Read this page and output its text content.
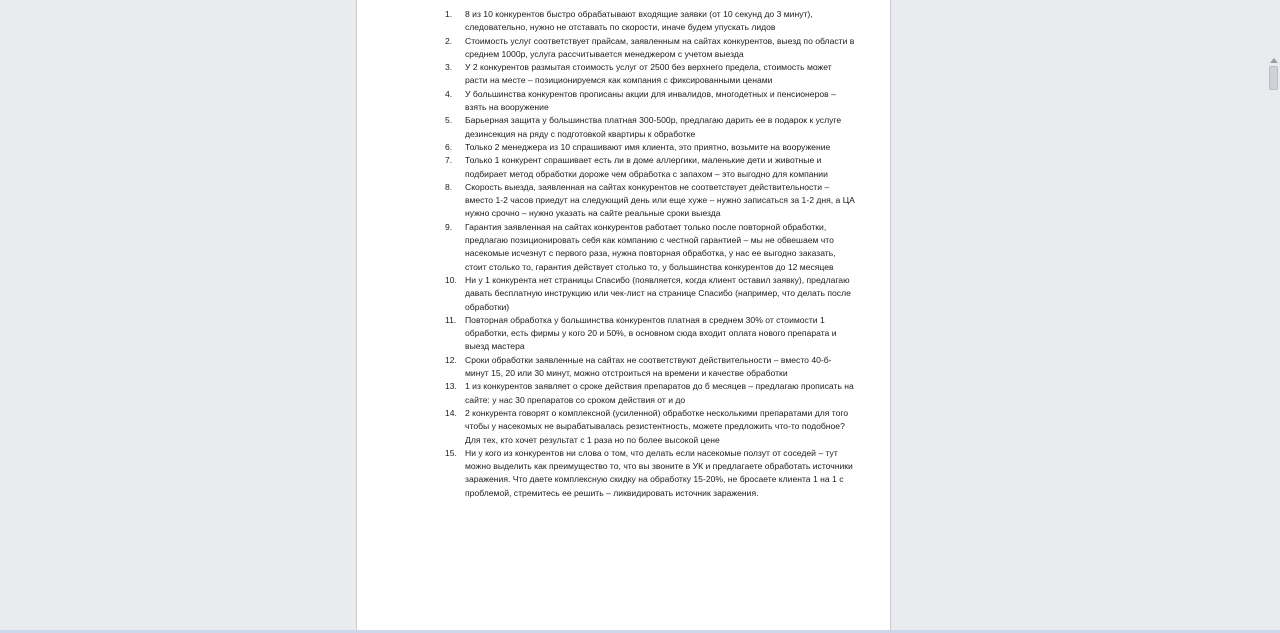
1.	8 из 10 конкурентов быстро обрабатывают входящие заявки (от 10 секунд до 3 минут), следовательно, нужно не отставать по скорости, иначе будем упускать лидов
2.	Стоимость услуг соответствует прайсам, заявленным на сайтах конкурентов, выезд по области в среднем 1000р, услуга рассчитывается менеджером с учетом выезда
3.	У 2 конкурентов размытая стоимость услуг от 2500 без верхнего предела, стоимость может расти на месте – позиционируемся как компания с фиксированными ценами
4.	У большинства конкурентов прописаны акции для инвалидов, многодетных и пенсионеров – взять на вооружение
5.	Барьерная защита у большинства платная 300-500р, предлагаю дарить ее в подарок к услуге дезинсекция на ряду с подготовкой квартиры к обработке
6.	Только 2 менеджера из 10 спрашивают имя клиента, это приятно, возьмите на вооружение
7.	Только 1 конкурент спрашивает есть ли в доме аллергики, маленькие дети и животные и подбирает метод обработки дороже чем обработка с запахом – это выгодно для компании
8.	Скорость выезда, заявленная на сайтах конкурентов не соответствует действительности – вместо 1-2 часов приедут на следующий день или еще хуже – нужно записаться за 1-2 дня, а ЦА нужно срочно – нужно указать на сайте реальные сроки выезда
9.	Гарантия заявленная на сайтах конкурентов работает только после повторной обработки, предлагаю позиционировать себя как компанию с честной гарантией – мы не обвешаем что насекомые исчезнут с первого раза, нужна повторная обработка, у нас ее выгодно заказать, стоит столько то, гарантия действует столько то, у большинства конкурентов до 12 месяцев
10. Ни у 1 конкурента нет страницы Спасибо (появляется, когда клиент оставил заявку), предлагаю давать бесплатную инструкцию или чек-лист на странице Спасибо (например, что делать после обработки)
11.	Повторная обработка у большинства конкурентов платная в среднем 30% от стоимости 1 обработки, есть фирмы у кого 20 и 50%, в основном сюда входит оплата нового препарата и выезд мастера
12. Сроки обработки заявленные на сайтах не соответствуют действительности – вместо 40-б- минут 15, 20 или 30 минут, можно отстроиться на времени и качестве обработки
13. 1 из конкурентов заявляет о сроке действия препаратов до б месяцев – предлагаю прописать на сайте: у нас 30 препаратов со сроком действия от и до
14. 2 конкурента говорят о комплексной (усиленной) обработке несколькими препаратами для того чтобы у насекомых не вырабатывалась резистентность, можете предложить что-то подобное? Для тех, кто хочет результат с 1 раза но по более высокой цене
15. Ни у кого из конкурентов ни слова о том, что делать если насекомые ползут от соседей – тут можно выделить как преимущество то, что вы звоните в УК и предлагаете обработать источники заражения. Что даете комплексную скидку на обработку 15-20%, не бросаете клиента 1 на 1 с проблемой, стремитесь ее решить – ликвидировать источник заражения.
